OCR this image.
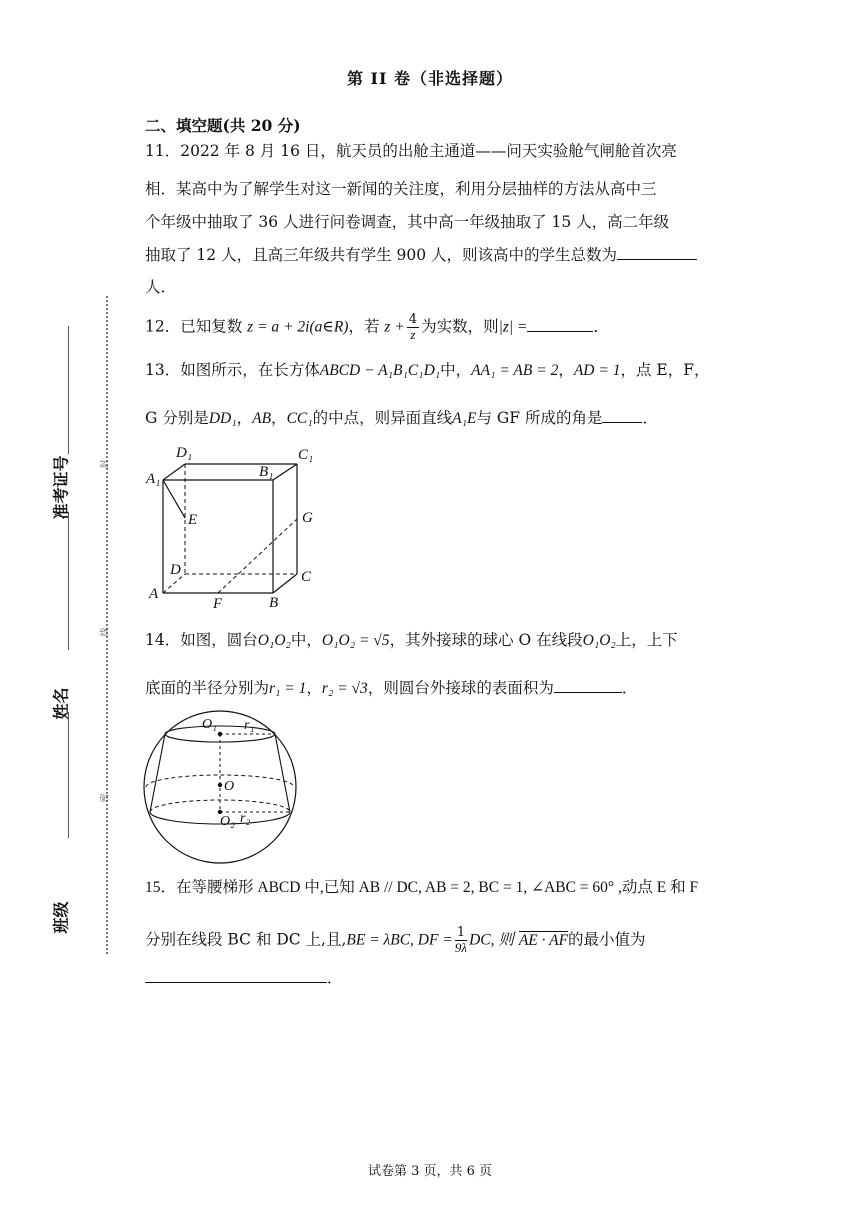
第 II 卷（非选择题）
二、填空题(共 20 分)
11．2022 年 8 月 16 日，航天员的出舱主通道——问天实验舱气闸舱首次亮
相．某高中为了解学生对这一新闻的关注度，利用分层抽样的方法从高中三
个年级中抽取了 36 人进行问卷调查，其中高一年级抽取了 15 人，高二年级
抽取了 12 人，且高三年级共有学生 900 人，则该高中的学生总数为
人．
12．已知复数 z = a + 2i(a∈R)，若 $z + \frac{4}{z}$ 为实数，则|z| =	．
13．如图所示，在长方体ABCD − A₁B₁C₁D₁中，AA₁ = AB = 2，AD = 1，点 E，F，
G 分别是DD₁，AB，CC₁的中点，则异面直线A₁E与 GF 所成的角是	．
D₁	C₁
A₁	B₁
E	G
D	C
A
F	B
14．如图，圆台O₁O₂中，O₁O₂ = √5，其外接球的球心 O 在线段O₁O₂上，上下
底面的半径分别为r₁ = 1，r₂ = √3，则圆台外接球的表面积为	．
O₁ r₁
O
O₂ r₂
15．在等腰梯形 ABCD 中,已知 AB // DC, AB = 2, BC = 1, ∠ABC = 60° ,动点 E 和 F
分别在线段 BC 和 DC 上,且,BE = λBC, DF = $\frac{1}{9\lambda}$ DC, 则 AE · AF的最小值为
．
准考证号
姓名
班级
封
线
密
试卷第 3 页，共 6 页
